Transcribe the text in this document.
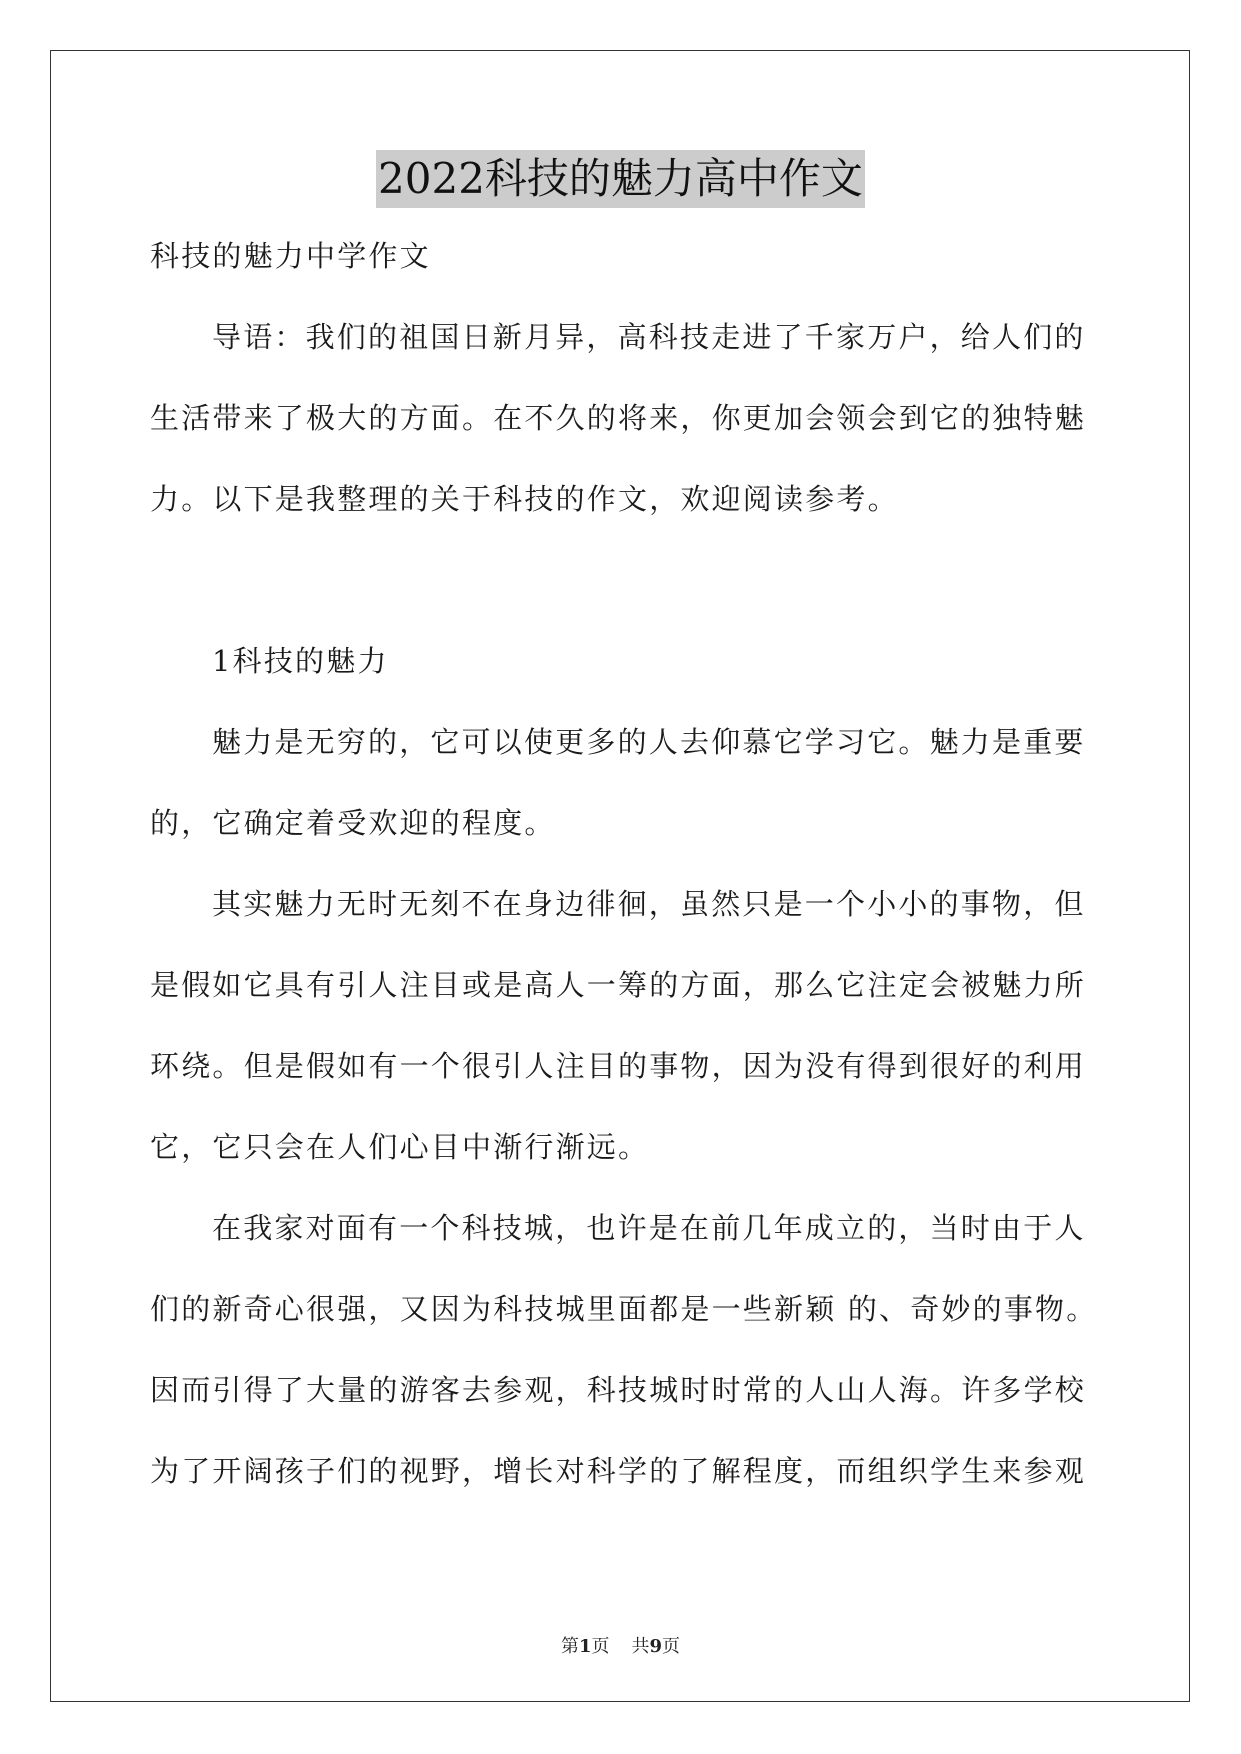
2022科技的魅力高中作文
科技的魅力中学作文
导语：我们的祖国日新月异，高科技走进了千家万户，给人们的
生活带来了极大的方面。在不久的将来，你更加会领会到它的独特魅
力。以下是我整理的关于科技的作文，欢迎阅读参考。
1科技的魅力
魅力是无穷的，它可以使更多的人去仰慕它学习它。魅力是重要
的，它确定着受欢迎的程度。
其实魅力无时无刻不在身边徘徊，虽然只是一个小小的事物，但
是假如它具有引人注目或是高人一筹的方面，那么它注定会被魅力所
环绕。但是假如有一个很引人注目的事物，因为没有得到很好的利用
它，它只会在人们心目中渐行渐远。
在我家对面有一个科技城，也许是在前几年成立的，当时由于人
们的新奇心很强，又因为科技城里面都是一些新颖 的、奇妙的事物。
因而引得了大量的游客去参观，科技城时时常的人山人海。许多学校
为了开阔孩子们的视野，增长对科学的了解程度，而组织学生来参观
第1页 共9页
